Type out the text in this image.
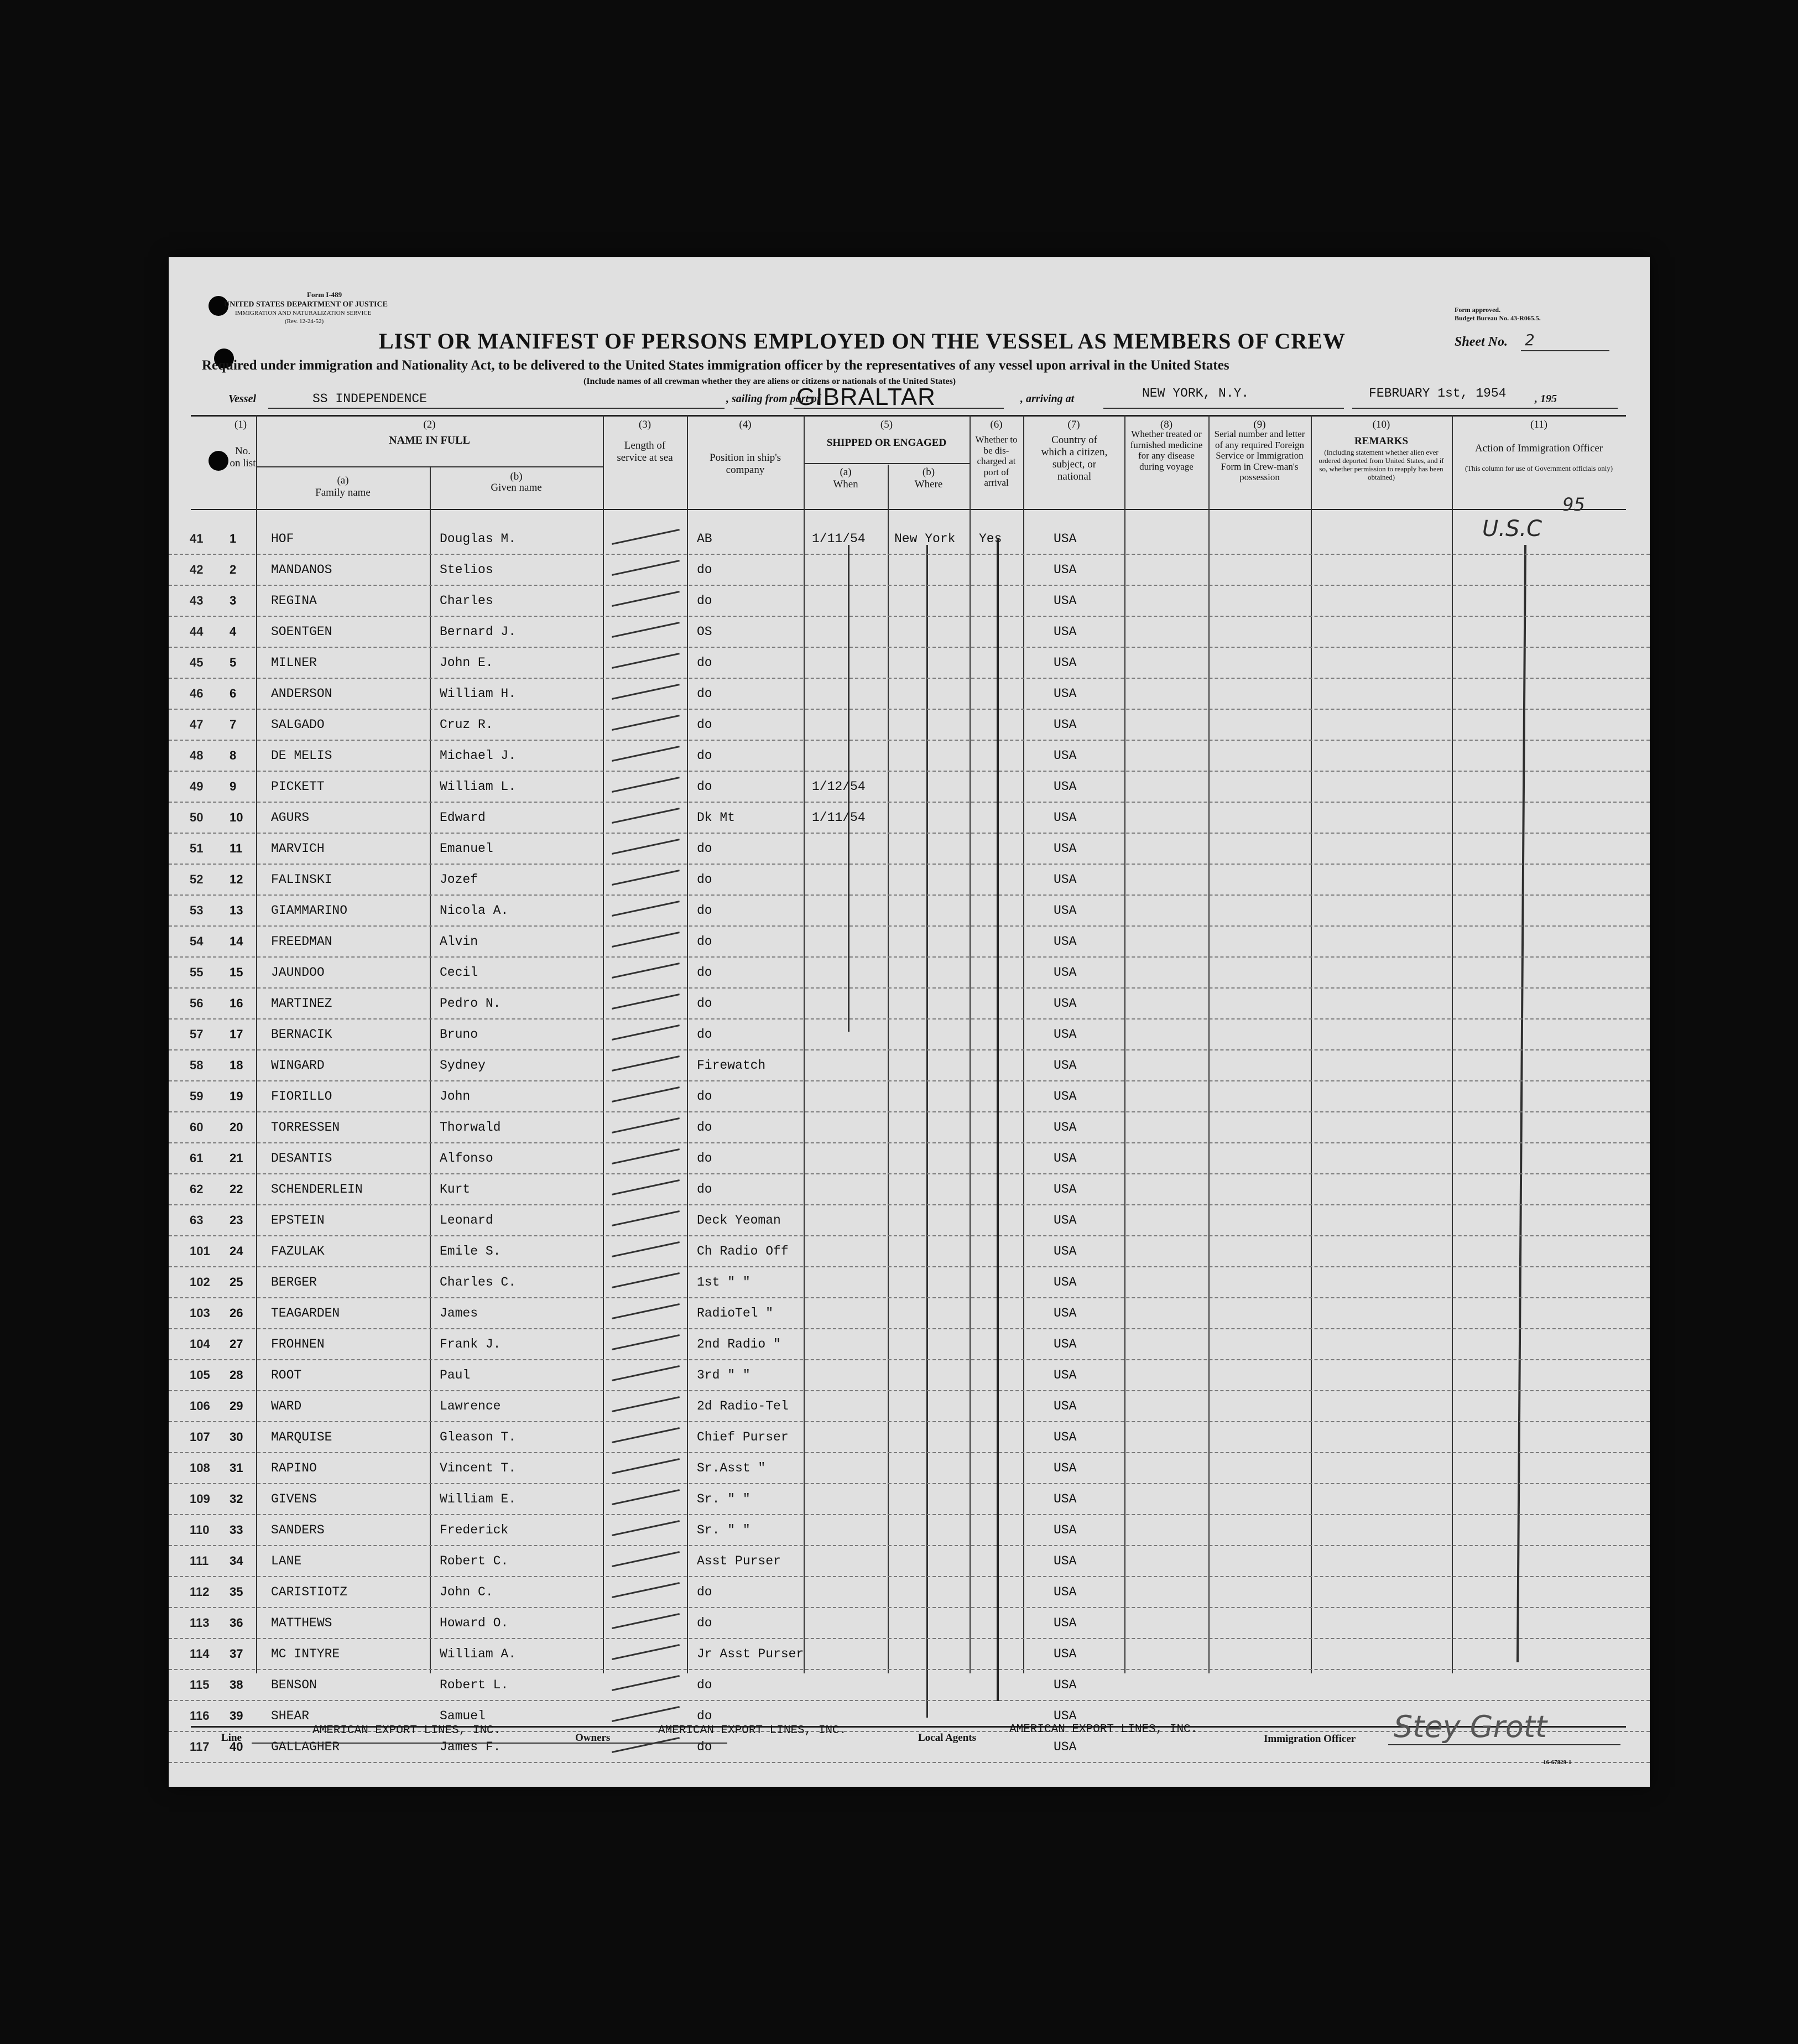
Form I-489
UNITED STATES DEPARTMENT OF JUSTICE
IMMIGRATION AND NATURALIZATION SERVICE
(Rev. 12-24-52)
Form approved.
Budget Bureau No. 43-R065.5.
LIST OR MANIFEST OF PERSONS EMPLOYED ON THE VESSEL AS MEMBERS OF CREW	Sheet No. 2
Required under immigration and Nationality Act, to be delivered to the United States immigration officer by the representatives of any vessel upon arrival in the United States
(Include names of all crewman whether they are aliens or citizens or nationals of the United States)
Vessel	SS INDEPENDENCE	, sailing from port of
GIBRALTAR	, arriving at	NEW YORK, N.Y.	FEBRUARY 1st, 1954	, 195
(1)
No. on list
(2)
NAME IN FULL
(a)
Family name
(b)
Given name
(3)
Length of service at sea
(4)
Position in ship's company
(5)
SHIPPED OR ENGAGED
(a)
When
(b)
Where
(6)
Whether to be dis-charged at port of arrival
(7)
Country of which a citizen, subject, or national
(8)
Whether treated or furnished medicine for any disease during voyage
(9)
Serial number and letter of any required Foreign Service or Immigration Form in Crew-man's possession
(10)
REMARKS
(Including statement whether alien ever ordered deported from United States, and if so, whether permission to reapply has been obtained)
(11)
Action of Immigration Officer
(This column for use of Government officials only)
95
U.S.C
41 1	HOF	Douglas M.	AB	1/11/54 New York Yes	USA
42 2	MANDANOS	Stelios	do	USA
43 3	REGINA	Charles	do	USA
44 4	SOENTGEN	Bernard J.	OS	USA
45 5	MILNER	John E.	do	USA
46 6	ANDERSON	William H.	do	USA
47 7	SALGADO	Cruz R.	do	USA
48 8	DE MELIS	Michael J.	do	USA
49 9	PICKETT	William L.	do	1/12/54	USA
50 10 AGURS	Edward	Dk Mt	1/11/54	USA
51 11 MARVICH	Emanuel	do	USA
52 12 FALINSKI	Jozef	do	USA
53 13 GIAMMARINO	Nicola A.	do	USA
54 14 FREEDMAN	Alvin	do	USA
55 15 JAUNDOO	Cecil	do	USA
56 16 MARTINEZ	Pedro N.	do	USA
57 17 BERNACIK	Bruno	do	USA
58 18 WINGARD	Sydney	Firewatch	USA
59 19 FIORILLO	John	do	USA
60 20 TORRESSEN	Thorwald	do	USA
61 21 DESANTIS	Alfonso	do	USA
62 22 SCHENDERLEIN	Kurt	do	USA
63 23 EPSTEIN	Leonard	Deck Yeoman	USA
101 24 FAZULAK	Emile S.	Ch Radio Off	USA
102 25 BERGER	Charles C.	1st " "	USA
103 26 TEAGARDEN	James	RadioTel "	USA
104 27 FROHNEN	Frank J.	2nd Radio "	USA
105 28 ROOT	Paul	3rd " "	USA
106 29 WARD	Lawrence	2d Radio-Tel	USA
107 30 MARQUISE	Gleason T.	Chief Purser	USA
108 31 RAPINO	Vincent T.	Sr.Asst "	USA
109 32 GIVENS	William E.	Sr. " "	USA
110 33 SANDERS	Frederick	Sr. " "	USA
111 34 LANE	Robert C.	Asst Purser	USA
112 35 CARISTIOTZ	John C.	do	USA
113 36 MATTHEWS	Howard O.	do	USA
114 37 MC INTYRE	William A.	Jr Asst Purser	USA
115 38 BENSON	Robert L.	do	USA
116 39 SHEAR	Samuel	do	USA
117 40 GALLAGHER	James F.	do	USA
Line
AMERICAN EXPORT LINES, INC.
Owners
AMERICAN EXPORT LINES, INC.
Local Agents
AMERICAN EXPORT LINES, INC.
Immigration Officer Stey Grott
16-67829-1
